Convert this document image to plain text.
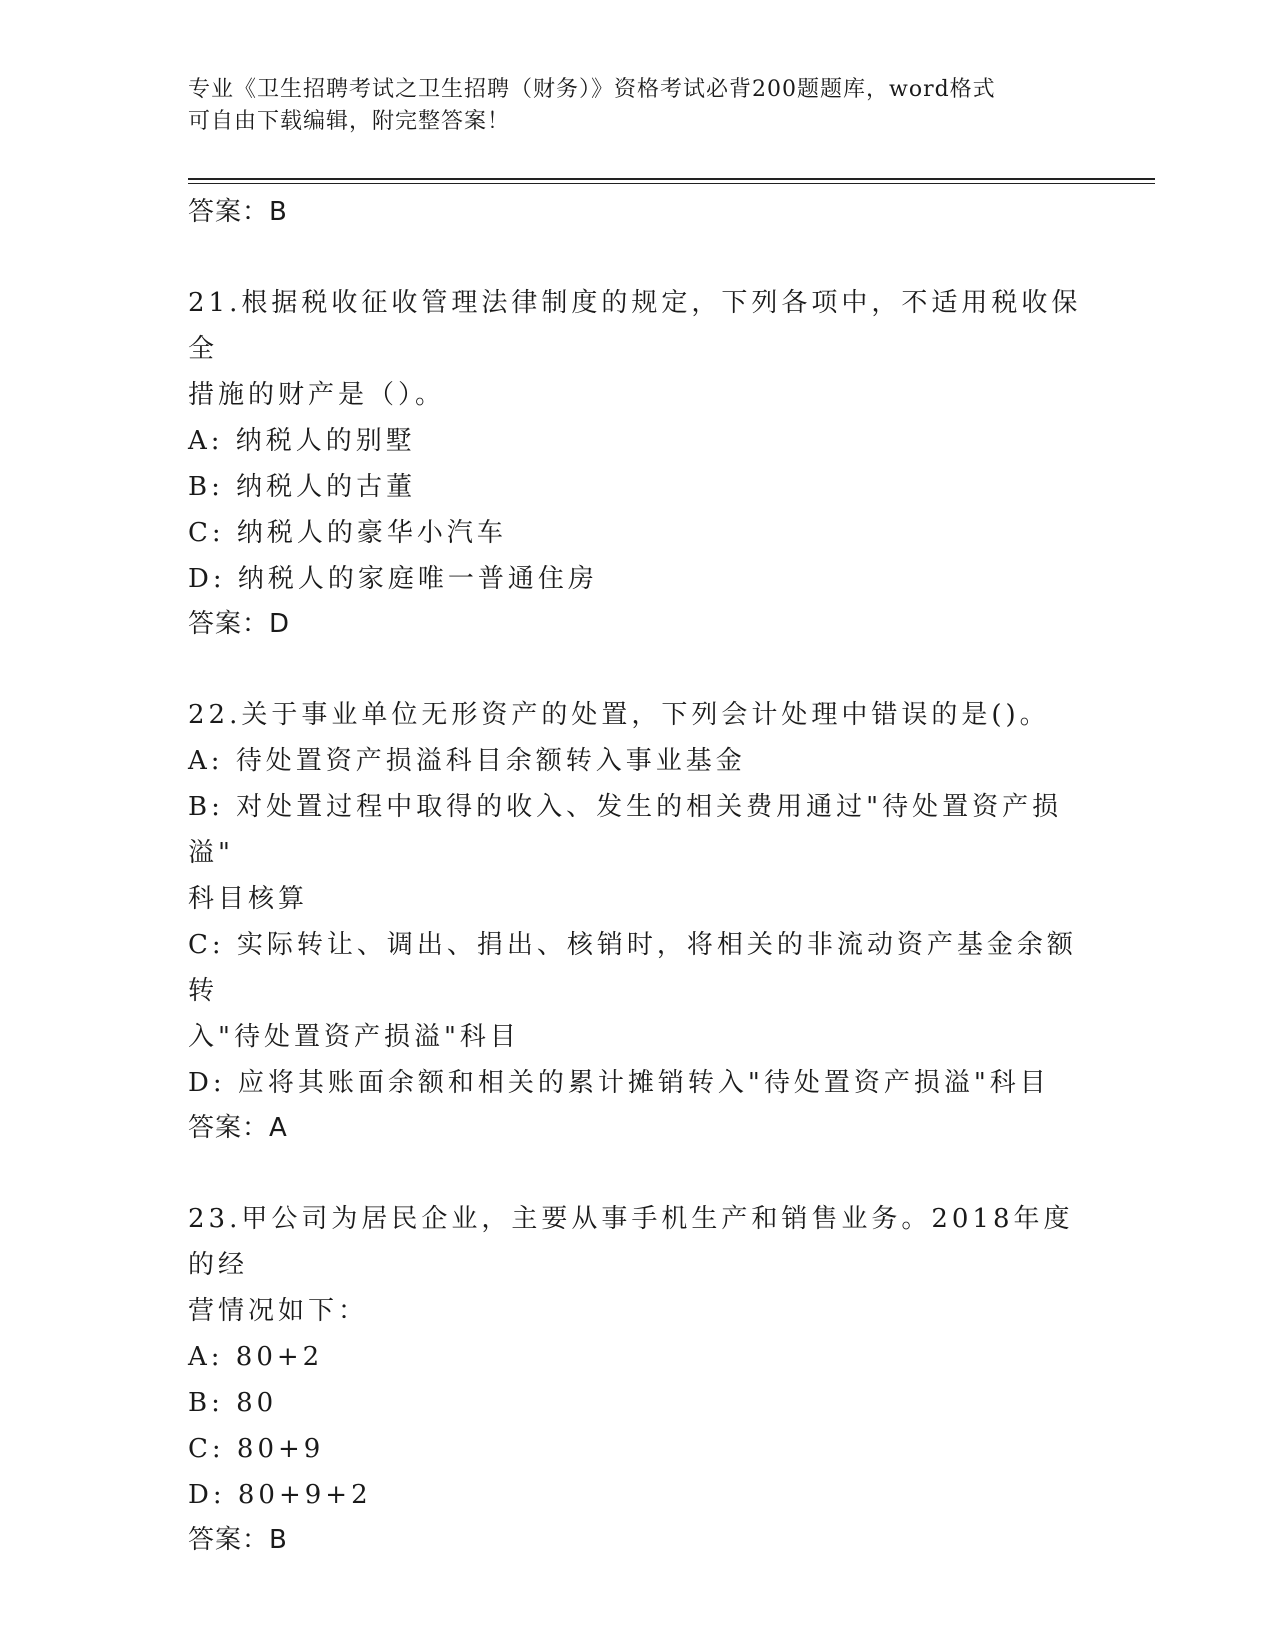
专业《卫生招聘考试之卫生招聘（财务）》资格考试必背200题题库，word格式
可自由下载编辑，附完整答案！

答案：B

21.根据税收征收管理法律制度的规定，下列各项中，不适用税收保全

措施的财产是（）。

A: 纳税人的别墅

B: 纳税人的古董

C: 纳税人的豪华小汽车

D: 纳税人的家庭唯一普通住房

答案：D

22.关于事业单位无形资产的处置，下列会计处理中错误的是()。

A: 待处置资产损溢科目余额转入事业基金

B: 对处置过程中取得的收入、发生的相关费用通过"待处置资产损溢"

科目核算

C: 实际转让、调出、捐出、核销时，将相关的非流动资产基金余额转

入"待处置资产损溢"科目

D: 应将其账面余额和相关的累计摊销转入"待处置资产损溢"科目

答案：A

23.甲公司为居民企业，主要从事手机生产和销售业务。2018年度的经

营情况如下：

A: 80+2

B: 80

C: 80+9

D: 80+9+2

答案：B
